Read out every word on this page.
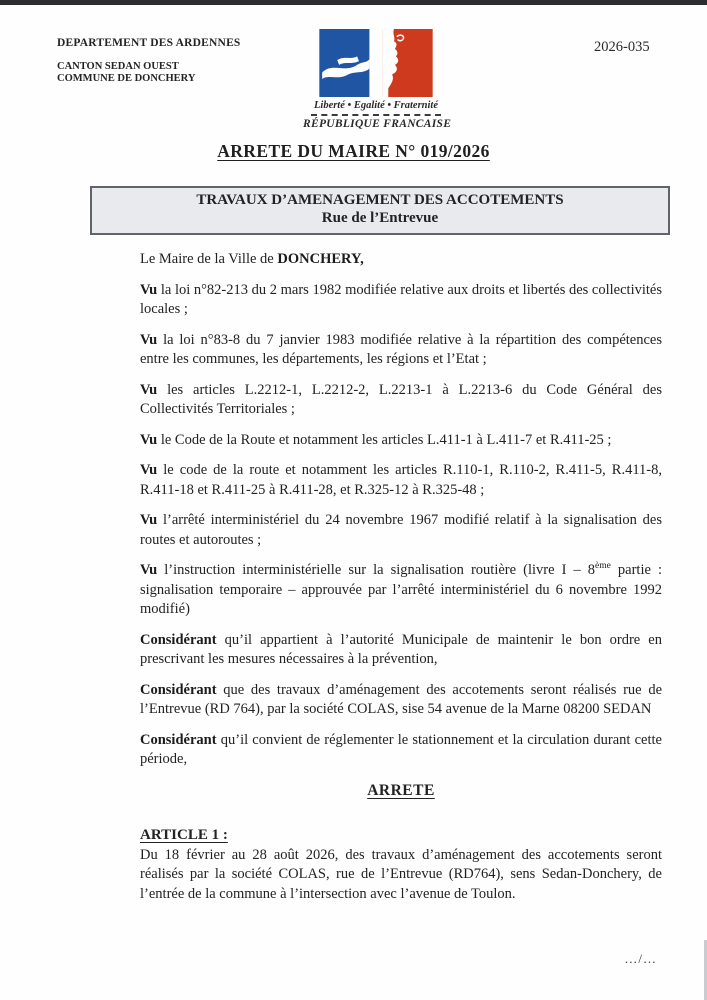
DEPARTEMENT DES ARDENNES
CANTON SEDAN OUEST
COMMUNE DE DONCHERY
Liberté • Egalité • Fraternité
RÉPUBLIQUE FRANCAISE
2026-035
ARRETE DU MAIRE N° 019/2026
TRAVAUX D’AMENAGEMENT DES ACCOTEMENTS
Rue de l’Entrevue

Le Maire de la Ville de DONCHERY,

Vu la loi n°82-213 du 2 mars 1982 modifiée relative aux droits et libertés des collectivités locales ;

Vu la loi n°83-8 du 7 janvier 1983 modifiée relative à la répartition des compétences entre les communes, les départements, les régions et l’Etat ;

Vu les articles L.2212-1, L.2212-2, L.2213-1 à L.2213-6 du Code Général des Collectivités Territoriales ;

Vu le Code de la Route et notamment les articles L.411-1 à L.411-7 et R.411-25 ;

Vu le code de la route et notamment les articles R.110-1, R.110-2, R.411-5, R.411-8, R.411-18 et R.411-25 à R.411-28, et R.325-12 à R.325-48 ;

Vu l’arrêté interministériel du 24 novembre 1967 modifié relatif à la signalisation des routes et autoroutes ;

Vu l’instruction interministérielle sur la signalisation routière (livre I – 8ème partie : signalisation temporaire – approuvée par l’arrêté interministériel du 6 novembre 1992 modifié)

Considérant qu’il appartient à l’autorité Municipale de maintenir le bon ordre en prescrivant les mesures nécessaires à la prévention,

Considérant que des travaux d’aménagement des accotements seront réalisés rue de l’Entrevue (RD 764), par la société COLAS, sise 54 avenue de la Marne 08200 SEDAN

Considérant qu’il convient de réglementer le stationnement et la circulation durant cette période,

ARRETE

ARTICLE 1 :

Du 18 février au 28 août 2026, des travaux d’aménagement des accotements seront réalisés par la société COLAS, rue de l’Entrevue (RD764), sens Sedan-Donchery, de l’entrée de la commune à l’intersection avec l’avenue de Toulon.

…/…
